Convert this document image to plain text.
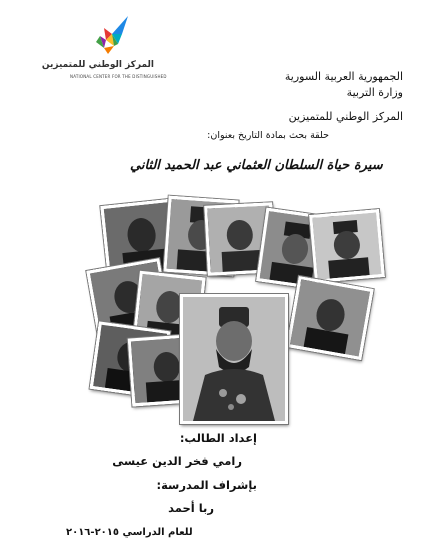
المركز الوطني للمتميزين
NATIONAL CENTER FOR THE DISTINGUISHED	الجمهورية العربية السورية
وزارة التربية
المركز الوطني للمتميزين
حلقة بحث بمادة التاريخ بعنوان:
سيرة حياة السلطان العثماني عبد الحميد الثاني
إعداد الطالب:
رامي فخر الدين عيسى
بإشراف المدرسة:
ربا أحمد
للعام الدراسي ٢٠١٥-٢٠١٦
